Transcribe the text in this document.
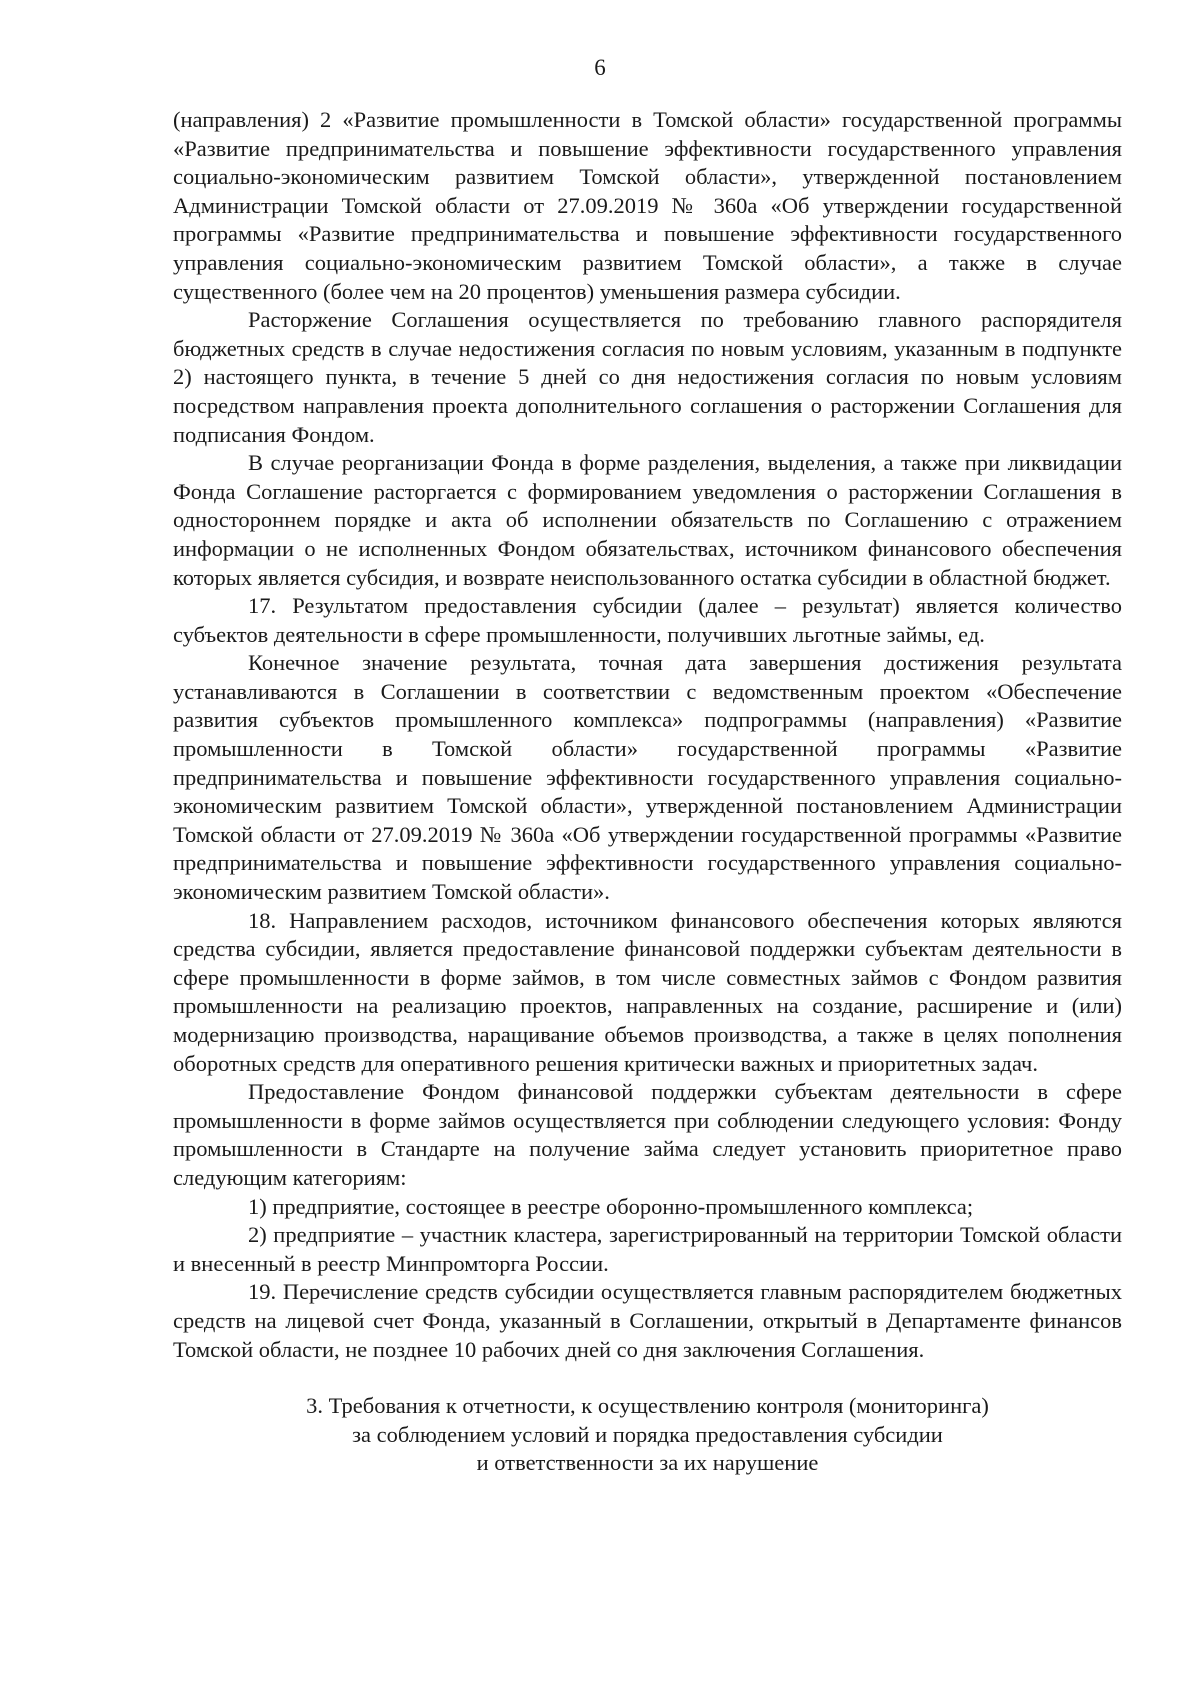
6

(направления) 2 «Развитие промышленности в Томской области» государственной программы «Развитие предпринимательства и повышение эффективности государственного управления социально-экономическим развитием Томской области», утвержденной постановлением Администрации Томской области от 27.09.2019 № 360а «Об утверждении государственной программы «Развитие предпринимательства и повышение эффективности государственного управления социально-экономическим развитием Томской области», а также в случае существенного (более чем на 20 процентов) уменьшения размера субсидии.

Расторжение Соглашения осуществляется по требованию главного распорядителя бюджетных средств в случае недостижения согласия по новым условиям, указанным в подпункте 2) настоящего пункта, в течение 5 дней со дня недостижения согласия по новым условиям посредством направления проекта дополнительного соглашения о расторжении Соглашения для подписания Фондом.

В случае реорганизации Фонда в форме разделения, выделения, а также при ликвидации Фонда Соглашение расторгается с формированием уведомления о расторжении Соглашения в одностороннем порядке и акта об исполнении обязательств по Соглашению с отражением информации о не исполненных Фондом обязательствах, источником финансового обеспечения которых является субсидия, и возврате неиспользованного остатка субсидии в областной бюджет.

17. Результатом предоставления субсидии (далее – результат) является количество субъектов деятельности в сфере промышленности, получивших льготные займы, ед.

Конечное значение результата, точная дата завершения достижения результата устанавливаются в Соглашении в соответствии с ведомственным проектом «Обеспечение развития субъектов промышленного комплекса» подпрограммы (направления) «Развитие промышленности в Томской области» государственной программы «Развитие предпринимательства и повышение эффективности государственного управления социально-экономическим развитием Томской области», утвержденной постановлением Администрации Томской области от 27.09.2019 № 360а «Об утверждении государственной программы «Развитие предпринимательства и повышение эффективности государственного управления социально-экономическим развитием Томской области».

18. Направлением расходов, источником финансового обеспечения которых являются средства субсидии, является предоставление финансовой поддержки субъектам деятельности в сфере промышленности в форме займов, в том числе совместных займов с Фондом развития промышленности на реализацию проектов, направленных на создание, расширение и (или) модернизацию производства, наращивание объемов производства, а также в целях пополнения оборотных средств для оперативного решения критически важных и приоритетных задач.

Предоставление Фондом финансовой поддержки субъектам деятельности в сфере промышленности в форме займов осуществляется при соблюдении следующего условия: Фонду промышленности в Стандарте на получение займа следует установить приоритетное право следующим категориям:

1) предприятие, состоящее в реестре оборонно-промышленного комплекса;

2) предприятие – участник кластера, зарегистрированный на территории Томской области и внесенный в реестр Минпромторга России.

19. Перечисление средств субсидии осуществляется главным распорядителем бюджетных средств на лицевой счет Фонда, указанный в Соглашении, открытый в Департаменте финансов Томской области, не позднее 10 рабочих дней со дня заключения Соглашения.

3. Требования к отчетности, к осуществлению контроля (мониторинга)
за соблюдением условий и порядка предоставления субсидии
и ответственности за их нарушение
